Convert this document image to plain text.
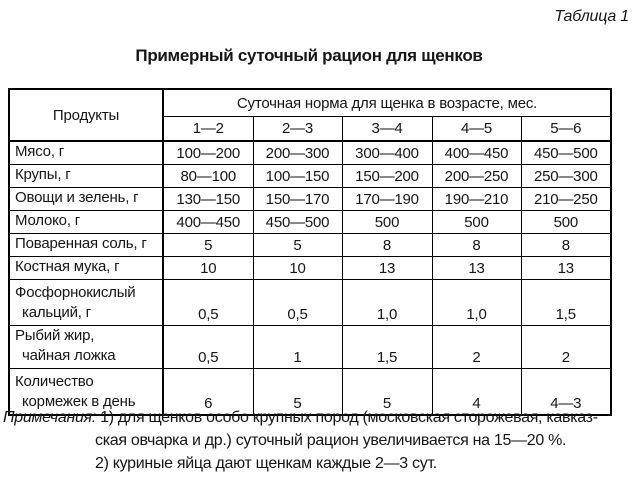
Таблица 1
Примерный суточный рацион для щенков
Продукты	Суточная норма для щенка в возрасте, мес.				
	1—2	2—3	3—4	4—5	5—6

Мясо, г	100—200	200—300	300—400	400—450	450—500

Крупы, г	80—100	100—150	150—200	200—250	250—300

Овощи и зелень, г	130—150	150—170	170—190	190—210	210—250

Молоко, г	400—450	450—500	500	500	500

Поваренная соль, г	5	5	8	8	8

Костная мука, г	10	10	13	13	13

Фосфорнокислый
кальций, г	0,5	0,5	1,0	1,0	1,5

Рыбий жир,
чайная ложка	0,5	1	1,5	2	2

Количество
кормежек в день	6	5	5	4	4—3
Примечания: 1) для щенков особо крупных пород (московская сторожевая, кавказ-
ская овчарка и др.) суточный рацион увеличивается на 15—20 %.
2) куриные яйца дают щенкам каждые 2—3 сут.
